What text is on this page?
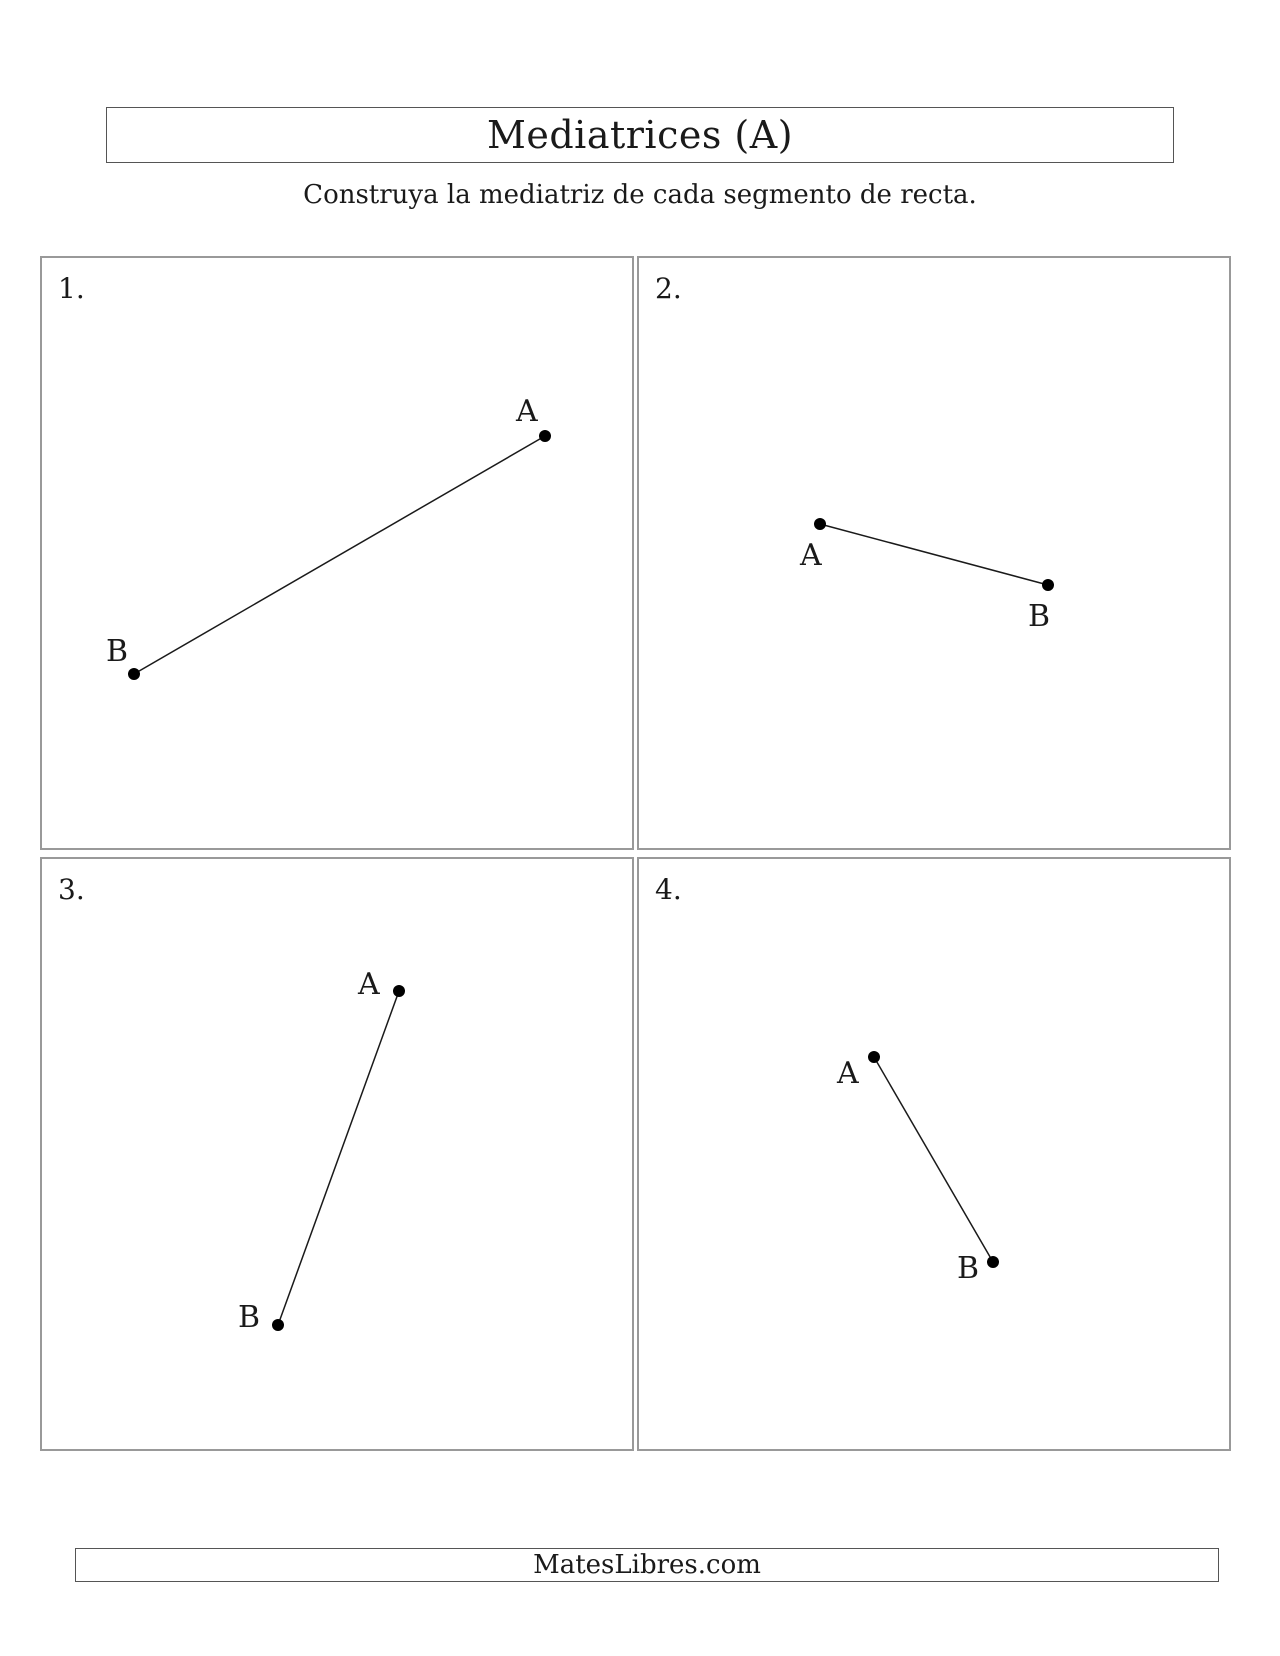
Mediatrices (A)
Construya la mediatriz de cada segmento de recta.
1.
A
B
2.
A
B
3.
A
B
4.
A
B
MatesLibres.com
